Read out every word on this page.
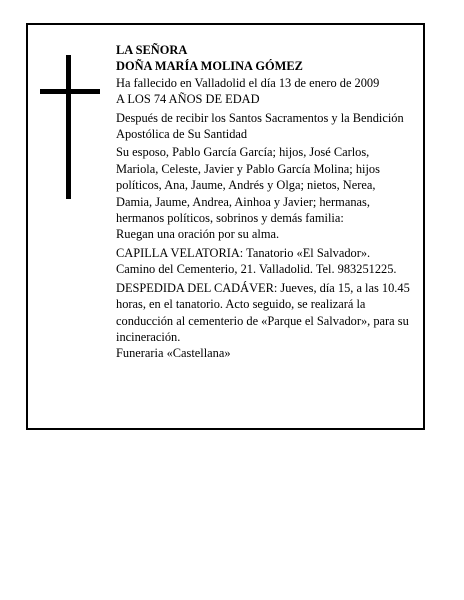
LA SEÑORA

DOÑA MARÍA MOLINA GÓMEZ

Ha fallecido en Valladolid el día 13 de enero de 2009

A LOS 74 AÑOS DE EDAD

Después de recibir los Santos Sacramentos y la Bendición Apostólica de Su Santidad

Su esposo, Pablo García García; hijos, José Carlos, Mariola, Celeste, Javier y Pablo García Molina; hijos políticos, Ana, Jaume, Andrés y Olga; nietos, Nerea, Damia, Jaume, Andrea, Ainhoa y Javier; hermanas, hermanos políticos, sobrinos y demás familia:

Ruegan una oración por su alma.

CAPILLA VELATORIA: Tanatorio «El Salvador». Camino del Cementerio, 21. Valladolid. Tel. 983251225.

DESPEDIDA DEL CADÁVER: Jueves, día 15, a las 10.45 horas, en el tanatorio. Acto seguido, se realizará la conducción al cementerio de «Parque el Salvador», para su incineración.

Funeraria «Castellana»
